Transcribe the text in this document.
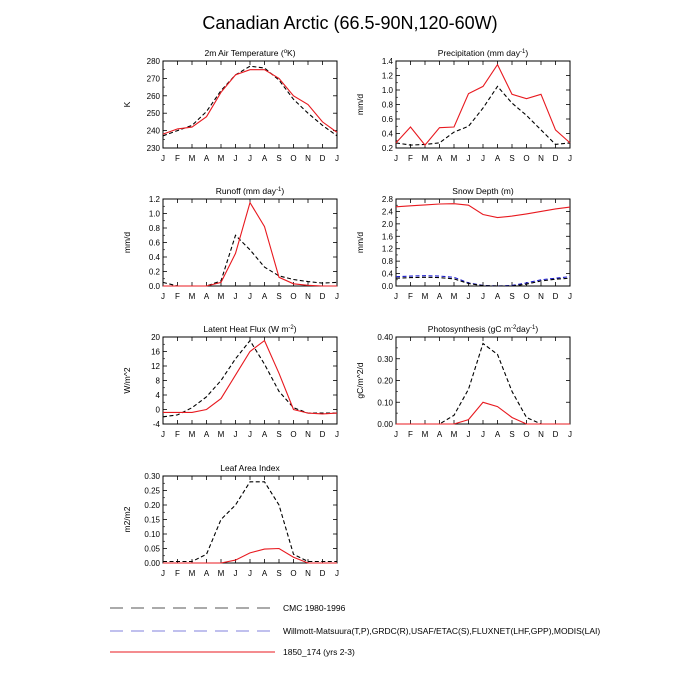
Canadian Arctic (66.5-90N,120-60W)
2m Air Temperature ($^o$K)
230
240
250
260
270
280
J F M A M J J A S O N D J
K
Precipitation (mm day$^{-1}$)
0.2
0.4
0.6
0.8
1.0
1.2
1.4
J F M A M J J A S O N D J
mm/d
Runoff (mm day$^{-1}$)
0.0
0.2
0.4
0.6
0.8
1.0
1.2
J F M A M J J A S O N D J
mm/d
Snow Depth (m)
0.0
0.4
0.8
1.2
1.6
2.0
2.4
2.8
J F M A M J J A S O N D J
mm/d
Latent Heat Flux (W $m^{-2}$)
-4
0
4
8
12
16
20
J F M A M J J A S O N D J
W/m^2
Photosynthesis (gC $m^{-2}day^{-1}$)
0.00
0.10
0.20
0.30
0.40
J F M A M J J A S O N D J
gC/m^2/d
Leaf Area Index
0.00
0.05
0.10
0.15
0.20
0.25
0.30
J F M A M J J A S O N D J
m2/m2
CMC 1980-1996
Willmott-Matsuura(T,P),GRDC(R),USAF/ETAC(S),FLUXNET(LHF,GPP),MODIS(LAI)
1850_174 (yrs 2-3)
